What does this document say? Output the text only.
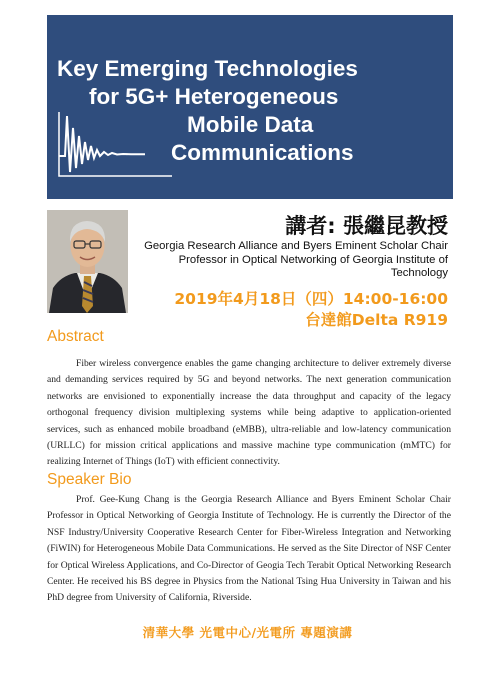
Key Emerging Technologies
for 5G+ Heterogeneous
Mobile Data
Communications
講者: 張繼昆教授
Georgia Research Alliance and Byers Eminent Scholar Chair Professor in Optical Networking of Georgia Institute of Technology
2019年4月18日（四）14:00-16:00
台達館Delta R919
Abstract
Fiber wireless convergence enables the game changing architecture to deliver extremely diverse and demanding services required by 5G and beyond networks. The next generation communication networks are envisioned to exponentially increase the data throughput and capacity of the legacy orthogonal frequency division multiplexing systems while being adaptive to application-oriented services, such as enhanced mobile broadband (eMBB), ultra-reliable and low-latency communication (URLLC) for mission critical applications and massive machine type communication (mMTC) for realizing Internet of Things (IoT) with efficient connectivity.
Speaker Bio
Prof. Gee-Kung Chang is the Georgia Research Alliance and Byers Eminent Scholar Chair Professor in Optical Networking of Georgia Institute of Technology. He is currently the Director of the NSF Industry/University Cooperative Research Center for Fiber-Wireless Integration and Networking (FiWIN) for Heterogeneous Mobile Data Communications. He served as the Site Director of NSF Center for Optical Wireless Applications, and Co-Director of Geogia Tech Terabit Optical Networking Research Center. He received his BS degree in Physics from the National Tsing Hua University in Taiwan and his PhD degree from University of California, Riverside.
清華大學 光電中心/光電所 專題演講
